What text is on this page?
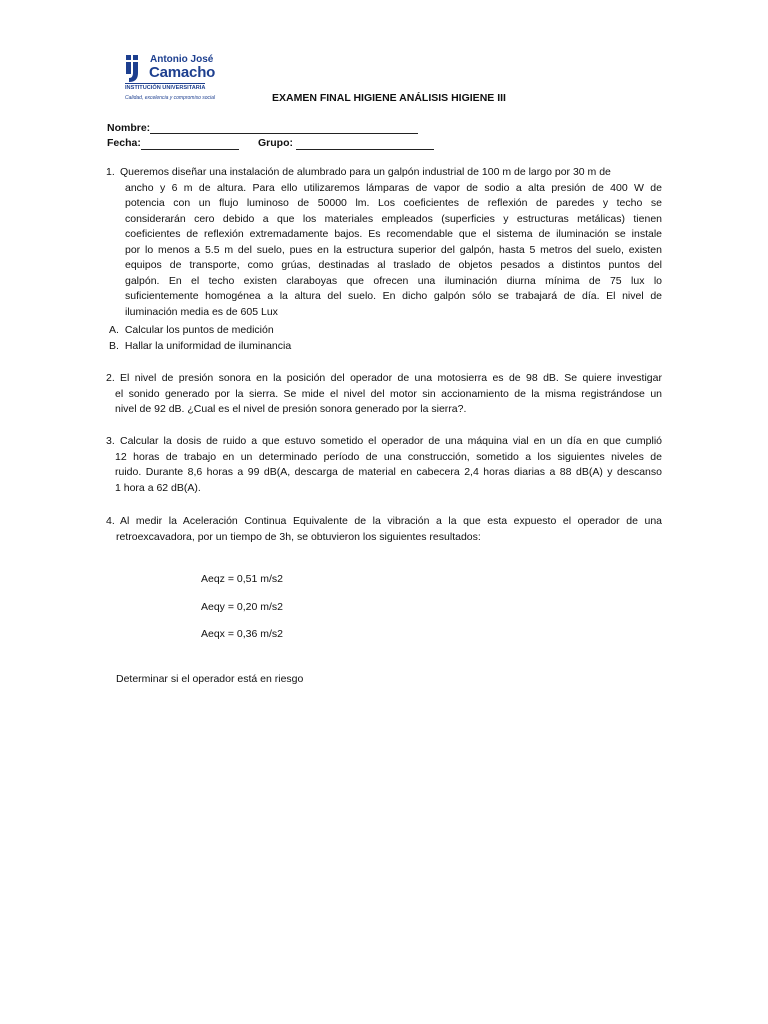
Antonio José
Camacho
INSTITUCIÓN UNIVERSITARIA
Calidad, excelencia y compromiso social	EXAMEN FINAL HIGIENE ANÁLISIS HIGIENE III
Nombre:
Fecha:	Grupo:
1. Queremos diseñar una instalación de alumbrado para un galpón industrial de 100 m de largo por 30 m de
ancho y 6 m de altura. Para ello utilizaremos lámparas de vapor de sodio a alta presión de 400 W de
potencia con un flujo luminoso de 50000 lm. Los coeficientes de reflexión de paredes y techo se
considerarán cero debido a que los materiales empleados (superficies y estructuras metálicas) tienen
coeficientes de reflexión extremadamente bajos. Es recomendable que el sistema de iluminación se instale
por lo menos a 5.5 m del suelo, pues en la estructura superior del galpón, hasta 5 metros del suelo, existen
equipos de transporte, como grúas, destinadas al traslado de objetos pesados a distintos puntos del
galpón. En el techo existen claraboyas que ofrecen una iluminación diurna mínima de 75 lux lo
suficientemente homogénea a la altura del suelo. En dicho galpón sólo se trabajará de día. El nivel de
iluminación media es de 605 Lux
A. Calcular los puntos de medición
B. Hallar la uniformidad de iluminancia
2. El nivel de presión sonora en la posición del operador de una motosierra es de 98 dB. Se quiere investigar
el sonido generado por la sierra. Se mide el nivel del motor sin accionamiento de la misma registrándose un
nivel de 92 dB. ¿Cual es el nivel de presión sonora generado por la sierra?.
3. Calcular la dosis de ruido a que estuvo sometido el operador de una máquina vial en un día en que cumplió
12 horas de trabajo en un determinado período de una construcción, sometido a los siguientes niveles de
ruido. Durante 8,6 horas a 99 dB(A, descarga de material en cabecera 2,4 horas diarias a 88 dB(A) y descanso
1 hora a 62 dB(A).
4. Al medir la Aceleración Continua Equivalente de la vibración a la que esta expuesto el operador de una
retroexcavadora, por un tiempo de 3h, se obtuvieron los siguientes resultados:
Aeqz = 0,51 m/s2
Aeqy = 0,20 m/s2
Aeqx = 0,36 m/s2
Determinar si el operador está en riesgo
